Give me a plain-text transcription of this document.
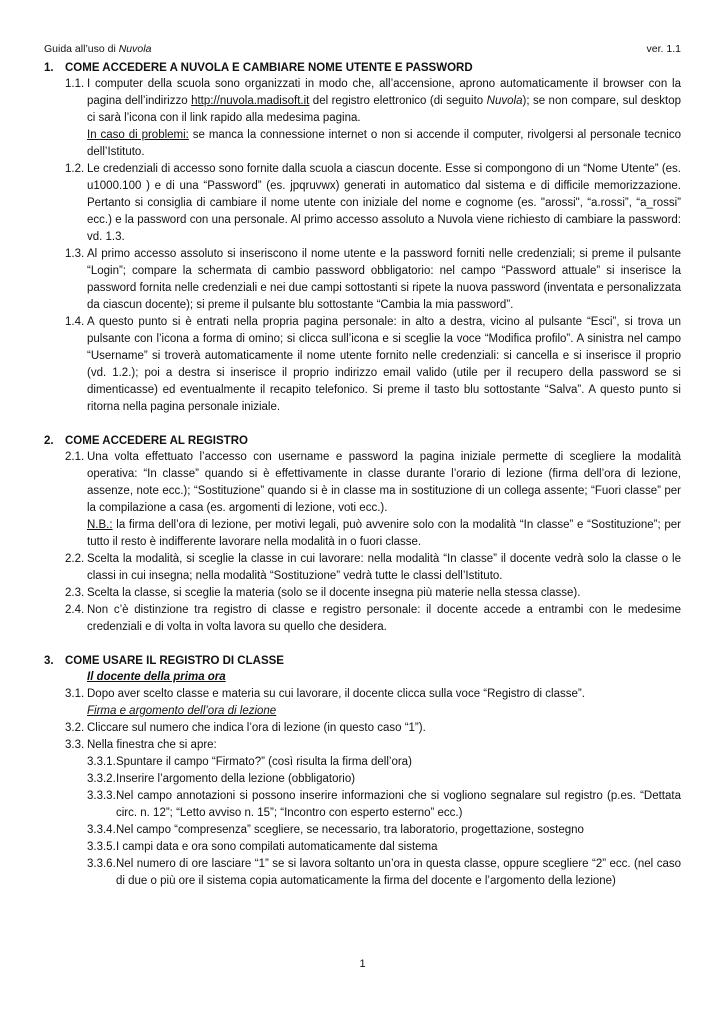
Guida all’uso di Nuvola	ver. 1.1
1. COME ACCEDERE A NUVOLA E CAMBIARE NOME UTENTE E PASSWORD
1.1. I computer della scuola sono organizzati in modo che, all’accensione, aprono automaticamente il browser con la pagina dell’indirizzo http://nuvola.madisoft.it del registro elettronico (di seguito Nuvola); se non compare, sul desktop ci sarà l’icona con il link rapido alla medesima pagina.
In caso di problemi: se manca la connessione internet o non si accende il computer, rivolgersi al personale tecnico dell’Istituto.
1.2. Le credenziali di accesso sono fornite dalla scuola a ciascun docente. Esse si compongono di un “Nome Utente” (es. u1000.100 ) e di una “Password” (es. jpqruvwx) generati in automatico dal sistema e di difficile memorizzazione. Pertanto si consiglia di cambiare il nome utente con iniziale del nome e cognome (es. "arossi", “a.rossi”, “a_rossi” ecc.) e la password con una personale. Al primo accesso assoluto a Nuvola viene richiesto di cambiare la password: vd. 1.3.
1.3. Al primo accesso assoluto si inseriscono il nome utente e la password forniti nelle credenziali; si preme il pulsante “Login”; compare la schermata di cambio password obbligatorio: nel campo “Password attuale” si inserisce la password fornita nelle credenziali e nei due campi sottostanti si ripete la nuova password (inventata e personalizzata da ciascun docente); si preme il pulsante blu sottostante “Cambia la mia password”.
1.4. A questo punto si è entrati nella propria pagina personale: in alto a destra, vicino al pulsante “Esci”, si trova un pulsante con l’icona a forma di omino; si clicca sull’icona e si sceglie la voce “Modifica profilo”. A sinistra nel campo “Username” si troverà automaticamente il nome utente fornito nelle credenziali: si cancella e si inserisce il proprio (vd. 1.2.); poi a destra si inserisce il proprio indirizzo email valido (utile per il recupero della password se si dimenticasse) ed eventualmente il recapito telefonico. Si preme il tasto blu sottostante “Salva”. A questo punto si ritorna nella pagina personale iniziale.
2. COME ACCEDERE AL REGISTRO
2.1. Una volta effettuato l’accesso con username e password la pagina iniziale permette di scegliere la modalità operativa: “In classe” quando si è effettivamente in classe durante l’orario di lezione (firma dell’ora di lezione, assenze, note ecc.); “Sostituzione” quando si è in classe ma in sostituzione di un collega assente; “Fuori classe” per la compilazione a casa (es. argomenti di lezione, voti ecc.).
N.B.: la firma dell’ora di lezione, per motivi legali, può avvenire solo con la modalità “In classe” e “Sostituzione”; per tutto il resto è indifferente lavorare nella modalità in o fuori classe.
2.2. Scelta la modalità, si sceglie la classe in cui lavorare: nella modalità “In classe” il docente vedrà solo la classe o le classi in cui insegna; nella modalità “Sostituzione” vedrà tutte le classi dell’Istituto.
2.3. Scelta la classe, si sceglie la materia (solo se il docente insegna più materie nella stessa classe).
2.4. Non c’è distinzione tra registro di classe e registro personale: il docente accede a entrambi con le medesime credenziali e di volta in volta lavora su quello che desidera.
3. COME USARE IL REGISTRO DI CLASSE
Il docente della prima ora
3.1. Dopo aver scelto classe e materia su cui lavorare, il docente clicca sulla voce “Registro di classe”.
Firma e argomento dell’ora di lezione
3.2. Cliccare sul numero che indica l’ora di lezione (in questo caso “1”).
3.3. Nella finestra che si apre:
3.3.1. Spuntare il campo “Firmato?” (così risulta la firma dell’ora)
3.3.2. Inserire l’argomento della lezione (obbligatorio)
3.3.3. Nel campo annotazioni si possono inserire informazioni che si vogliono segnalare sul registro (p.es. “Dettata circ. n. 12”; “Letto avviso n. 15”; “Incontro con esperto esterno” ecc.)
3.3.4. Nel campo “compresenza” scegliere, se necessario, tra laboratorio, progettazione, sostegno
3.3.5. I campi data e ora sono compilati automaticamente dal sistema
3.3.6. Nel numero di ore lasciare “1” se si lavora soltanto un’ora in questa classe, oppure scegliere “2” ecc. (nel caso di due o più ore il sistema copia automaticamente la firma del docente e l’argomento della lezione)
1
